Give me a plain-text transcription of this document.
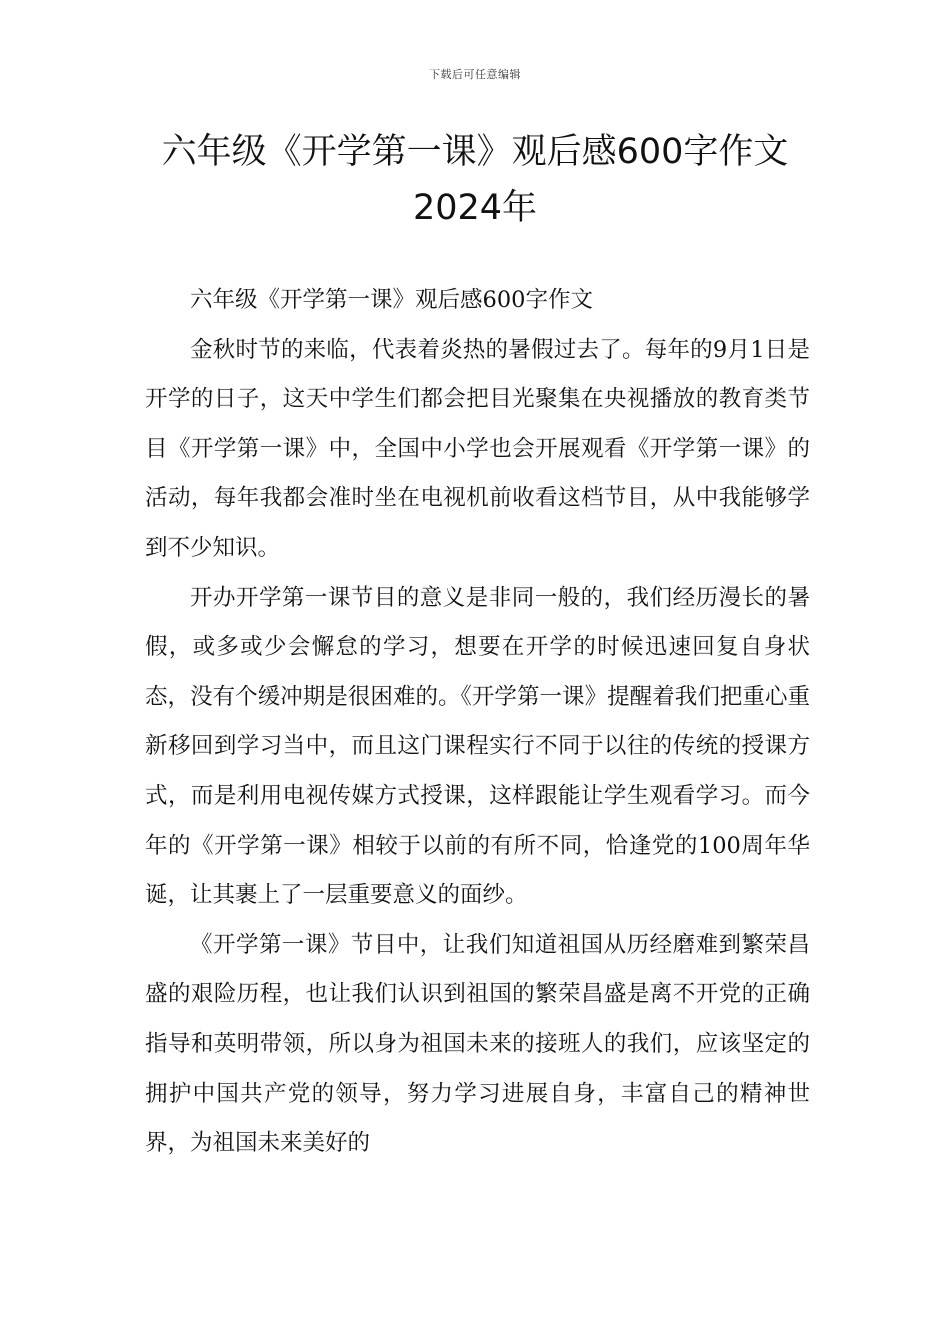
下载后可任意编辑
六年级《开学第一课》观后感600字作文
2024年

六年级《开学第一课》观后感600字作文

金秋时节的来临，代表着炎热的暑假过去了。每年的9月1日是开学的日子，这天中学生们都会把目光聚集在央视播放的教育类节目《开学第一课》中，全国中小学也会开展观看《开学第一课》的活动，每年我都会准时坐在电视机前收看这档节目，从中我能够学到不少知识。

开办开学第一课节目的意义是非同一般的，我们经历漫长的暑假，或多或少会懈怠的学习，想要在开学的时候迅速回复自身状态，没有个缓冲期是很困难的。《开学第一课》提醒着我们把重心重新移回到学习当中，而且这门课程实行不同于以往的传统的授课方式，而是利用电视传媒方式授课，这样跟能让学生观看学习。而今年的《开学第一课》相较于以前的有所不同，恰逢党的100周年华诞，让其裹上了一层重要意义的面纱。

《开学第一课》节目中，让我们知道祖国从历经磨难到繁荣昌盛的艰险历程，也让我们认识到祖国的繁荣昌盛是离不开党的正确指导和英明带领，所以身为祖国未来的接班人的我们，应该坚定的拥护中国共产党的领导，努力学习进展自身，丰富自己的精神世界，为祖国未来美好的
